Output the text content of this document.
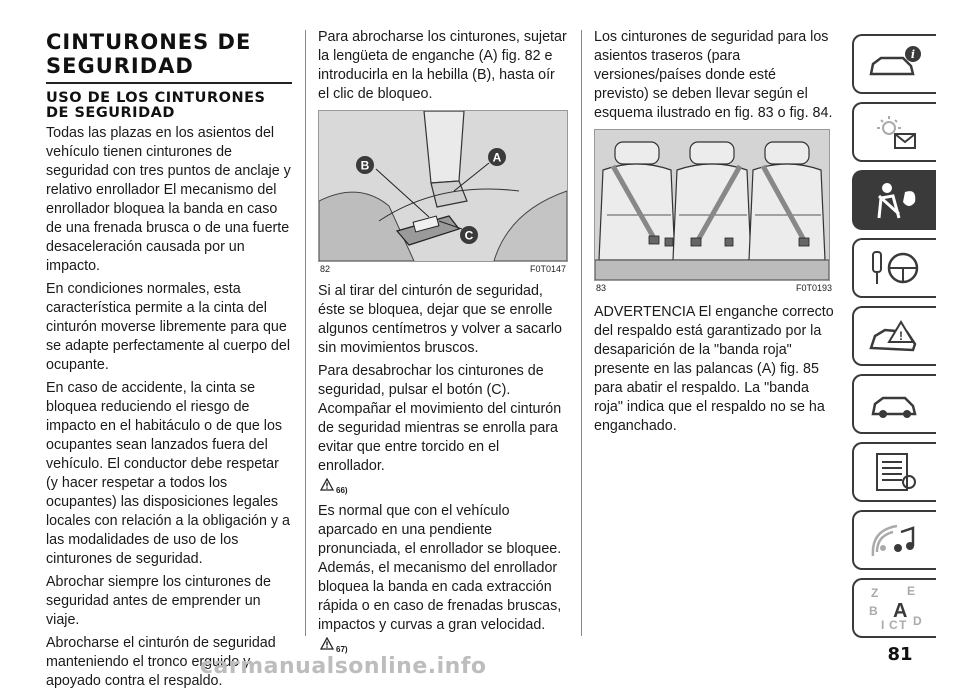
CINTURONES DE SEGURIDAD
USO DE LOS CINTURONES DE SEGURIDAD

Todas las plazas en los asientos del vehículo tienen cinturones de seguridad con tres puntos de anclaje y relativo enrollador El mecanismo del enrollador bloquea la banda en caso de una frenada brusca o de una fuerte desaceleración causada por un impacto.

En condiciones normales, esta característica permite a la cinta del cinturón moverse libremente para que se adapte perfectamente al cuerpo del ocupante.

En caso de accidente, la cinta se bloquea reduciendo el riesgo de impacto en el habitáculo o de que los ocupantes sean lanzados fuera del vehículo. El conductor debe respetar (y hacer respetar a todos los ocupantes) las disposiciones legales locales con relación a la obligación y a las modalidades de uso de los cinturones de seguridad.

Abrochar siempre los cinturones de seguridad antes de emprender un viaje.

Abrocharse el cinturón de seguridad manteniendo el tronco erguido y apoyado contra el respaldo.

Para abrocharse los cinturones, sujetar la lengüeta de enganche (A) fig. 82 e introducirla en la hebilla (B), hasta oír el clic de bloqueo.

B
A
C
82	F0T0147

Si al tirar del cinturón de seguridad, éste se bloquea, dejar que se enrolle algunos centímetros y volver a sacarlo sin movimientos bruscos.

Para desabrochar los cinturones de seguridad, pulsar el botón (C). Acompañar el movimiento del cinturón de seguridad mientras se enrolla para evitar que entre torcido en el enrollador.

66)

Es normal que con el vehículo aparcado en una pendiente pronunciada, el enrollador se bloquee. Además, el mecanismo del enrollador bloquea la banda en cada extracción rápida o en caso de frenadas bruscas, impactos y curvas a gran velocidad.

67)

Los cinturones de seguridad para los asientos traseros (para versiones/países donde esté previsto) se deben llevar según el esquema ilustrado en fig. 83 o fig. 84.

83	F0T0193

ADVERTENCIA El enganche correcto del respaldo está garantizado por la desaparición de la "banda roja" presente en las palancas (A) fig. 85 para abatir el respaldo. La "banda roja" indica que el respaldo no se ha enganchado.

i
!
Z E
B A
I C T D
81
carmanualsonline.info
